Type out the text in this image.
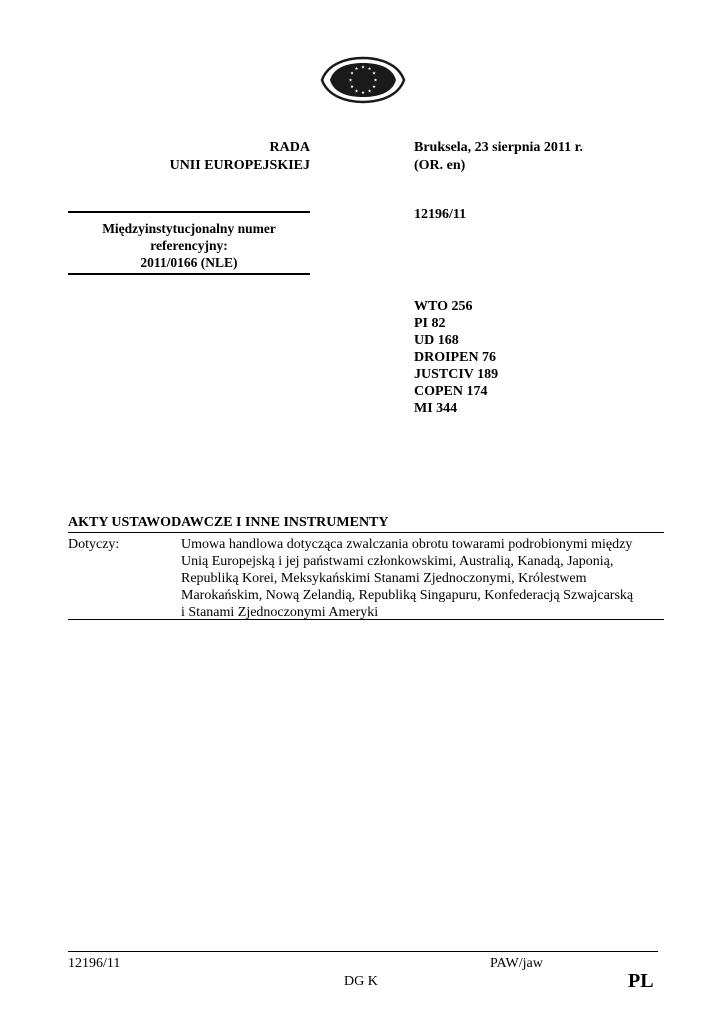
★ ★
★
★
★
★
★
★
★
★
★
★
RADA
UNII EUROPEJSKIEJ
Międzyinstytucjonalny numer
referencyjny:
2011/0166 (NLE)
Bruksela, 23 sierpnia 2011 r.
(OR. en)
12196/11
WTO 256
PI 82
UD 168
DROIPEN 76
JUSTCIV 189
COPEN 174
MI 344
AKTY USTAWODAWCZE I INNE INSTRUMENTY
Dotyczy:	Umowa handlowa dotycząca zwalczania obrotu towarami podrobionymi między
Unią Europejską i jej państwami członkowskimi, Australią, Kanadą, Japonią,
Republiką Korei, Meksykańskimi Stanami Zjednoczonymi, Królestwem
Marokańskim, Nową Zelandią, Republiką Singapuru, Konfederacją Szwajcarską
i Stanami Zjednoczonymi Ameryki
12196/11	PAW/jaw
DG K	PL
